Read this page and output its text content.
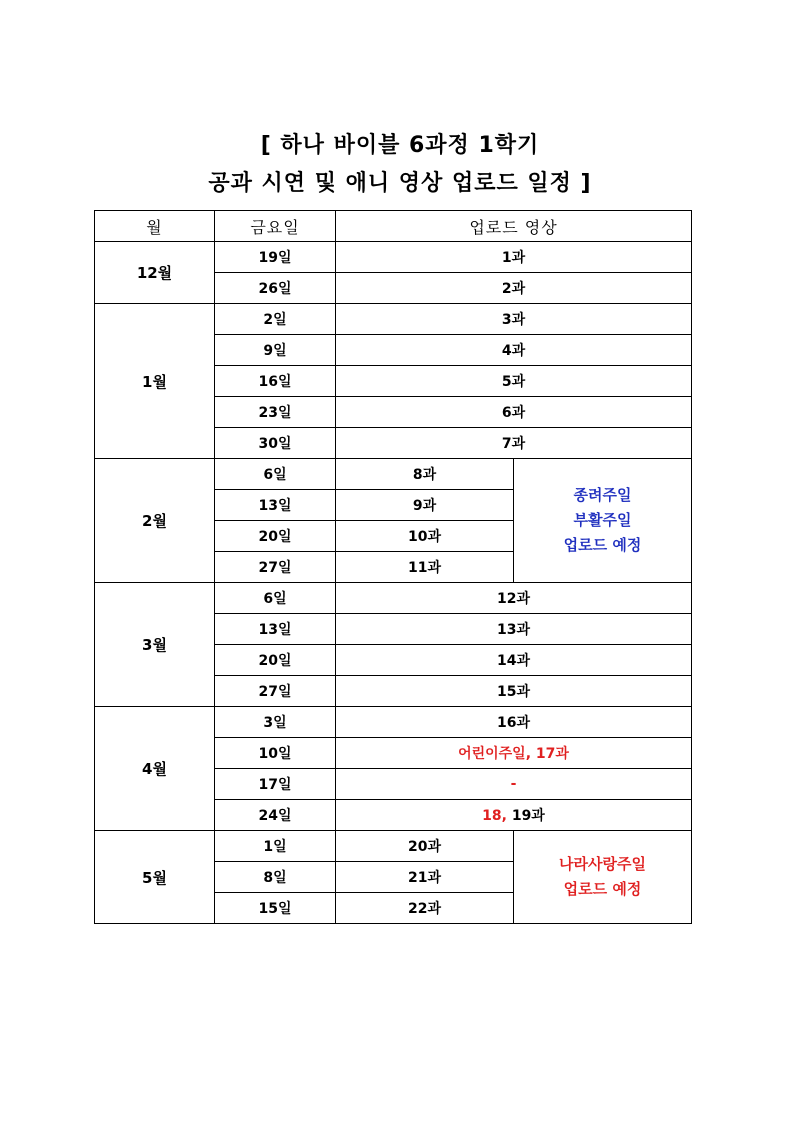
[ 하나 바이블 6과정 1학기
공과 시연 및 애니 영상 업로드 일정 ]
월	금요일	업로드 영상	
12월	19일	1과	
	26일	2과	
1월	2일	3과	
	9일	4과	
	16일	5과	
	23일	6과	
	30일	7과	
2월	6일	8과	종려주일
부활주일
업로드 예정

	13일	9과	
	20일	10과	
	27일	11과	
3월	6일	12과	
	13일	13과	
	20일	14과	
	27일	15과	
4월	3일	16과	
	10일	어린이주일, 17과	
	17일	-	
	24일	18, 19과	
5월	1일	20과	나라사랑주일
업로드 예정

	8일	21과	
	15일	22과	
